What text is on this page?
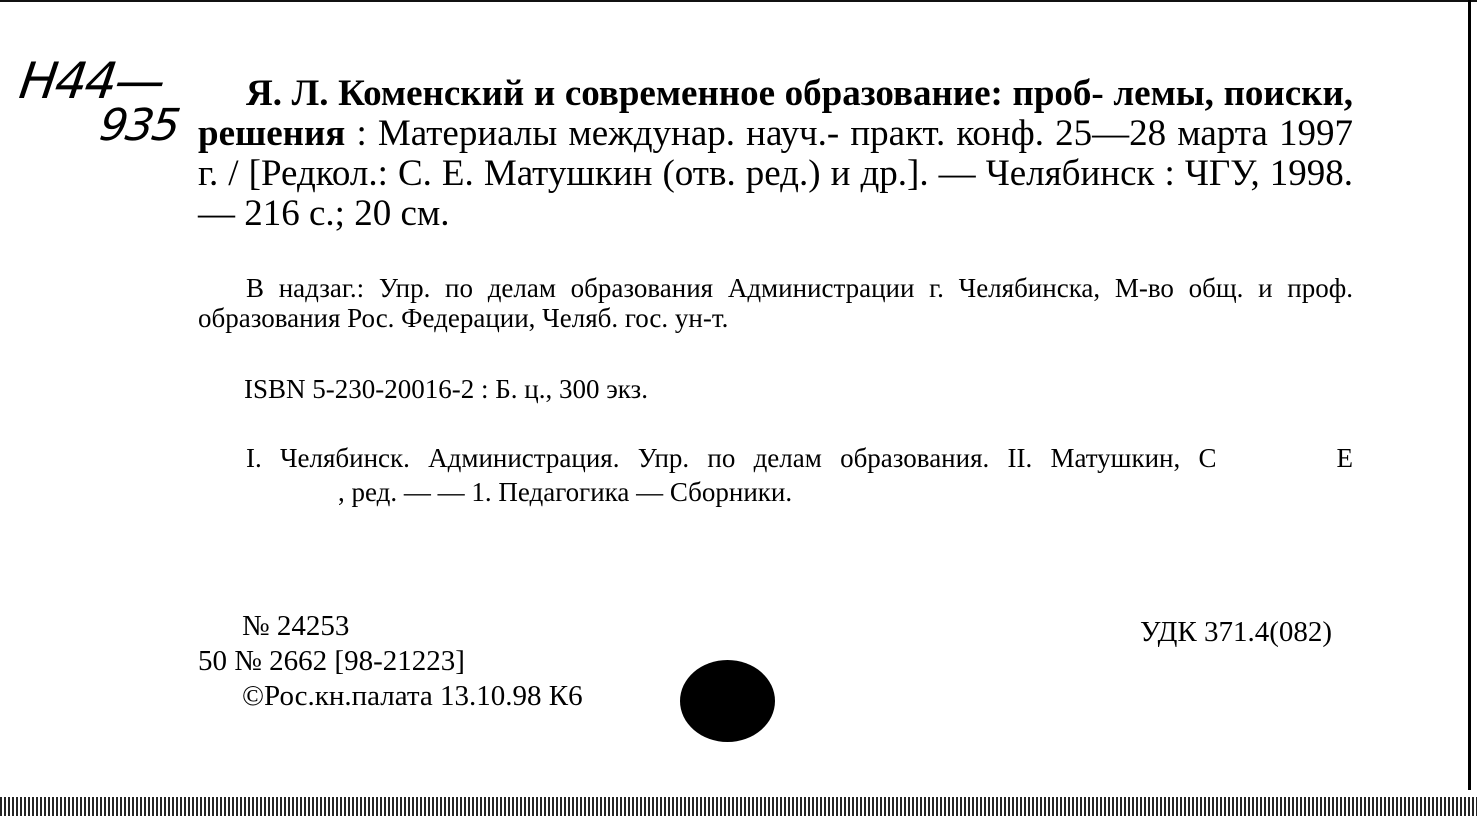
H44—
935
Я. Л. Коменский и современное образование: проб- лемы, поиски, решения : Материалы междунар. науч.- практ. конф. 25—28 марта 1997 г. / [Редкол.: С. Е. Матушкин (отв. ред.) и др.]. — Челябинск : ЧГУ, 1998. — 216 с.; 20 см.
В надзаг.: Упр. по делам образования Администрации г. Челябинска, М-во общ. и проф. образования Рос. Федерации, Челяб. гос. ун-т.
ISBN 5-230-20016-2 : Б. ц., 300 экз.
I. Челябинск. Администрация. Упр. по делам образования. II. Матушкин, С	Е, ред. — — 1. Педагогика — Сборники.
№ 24253
50 № 2662 [98-21223]
©Рос.кн.палата 13.10.98 К6
УДК 371.4(082)
